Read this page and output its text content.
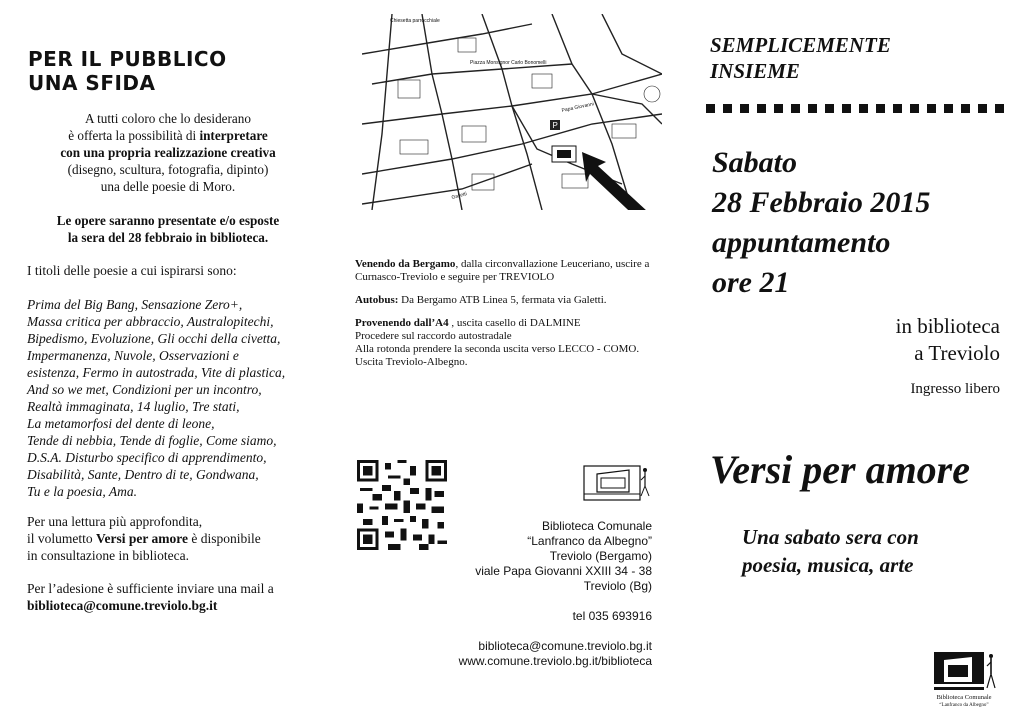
PER IL PUBBLICO
UNA SFIDA
A tutti coloro che lo desiderano
è offerta la possibilità di interpretare
con una propria realizzazione creativa
(disegno, scultura, fotografia, dipinto)
una delle poesie di Moro.
Le opere saranno presentate e/o esposte
la sera del 28 febbraio in biblioteca.
I titoli delle poesie a cui ispirarsi sono:
Prima del Big Bang, Sensazione Zero+,
Massa critica per abbraccio, Australopitechi,
Bipedismo, Evoluzione, Gli occhi della civetta,
Impermanenza, Nuvole, Osservazioni e
esistenza, Fermo in autostrada, Vite di plastica,
And so we met, Condizioni per un incontro,
Realtà immaginata, 14 luglio, Tre stati,
La metamorfosi del dente di leone,
Tende di nebbia, Tende di foglie, Come siamo,
D.S.A. Disturbo specifico di apprendimento,
Disabilità, Sante, Dentro di te, Gondwana,
Tu e la poesia, Ama.
Per una lettura più approfondita,
il volumetto Versi per amore è disponibile
in consultazione in biblioteca.
Per l’adesione è sufficiente inviare una mail a
biblioteca@comune.treviolo.bg.it
P
Chiesetta parrocchiale
Piazza Monsignor Carlo Bonomelli
Papa Giovanni
Galletti

Venendo da Bergamo, dalla circonvallazione Leuceriano, uscire a Curnasco-Treviolo e seguire per TREVIOLO

Autobus: Da Bergamo ATB Linea 5, fermata via Galetti.

Provenendo dall’A4 , uscita casello di DALMINE
Procedere sul raccordo autostradale
Alla rotonda prendere la seconda uscita verso LECCO - COMO.
Uscita Treviolo-Albegno.

Biblioteca Comunale
“Lanfranco da Albegno”
Treviolo (Bergamo)
viale Papa Giovanni XXIII 34 - 38
Treviolo (Bg)
tel 035 693916
biblioteca@comune.treviolo.bg.it
www.comune.treviolo.bg.it/biblioteca
SEMPLICEMENTE
INSIEME
Sabato
28 Febbraio 2015
appuntamento
ore 21
in biblioteca
a Treviolo
Ingresso libero
Versi per amore
Una sabato sera con
poesia, musica, arte
Biblioteca Comunale
“Lanfranco da Albegno”
